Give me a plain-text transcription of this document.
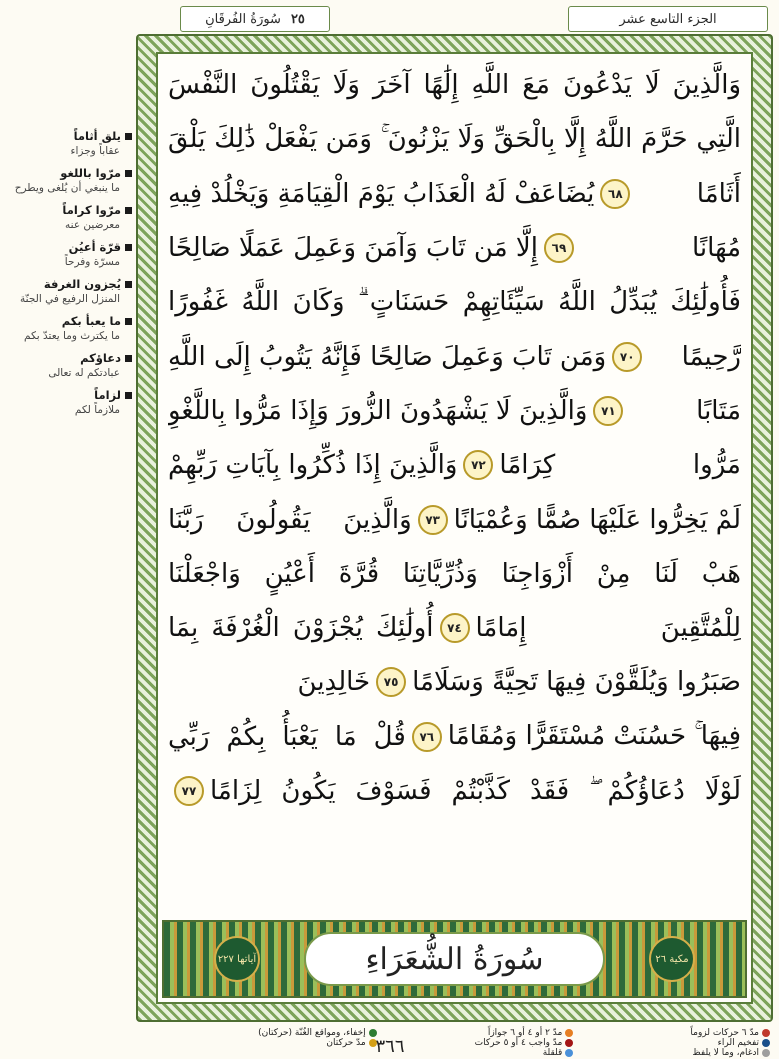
سُورَةُ الفُرقَانِ ٢٥	الجزء التاسع عشر
يلق أثاماً
عقاباً وجزاء
مرّوا باللغو
ما ينبغي أن يُلغى ويطرح
مرّوا كراماً
معرضين عنه
قرّة أعيُن
مسرّة وفرحاً
يُجزون الغرفة
المنزل الرفيع في الجنّة
ما يعبأ بكم
ما يكترث وما يعتدّ بكم
دعاؤكم
عبادتكم له تعالى
لزاماً
ملازماً لكم
وَالَّذِينَ لَا يَدْعُونَ مَعَ اللَّهِ إِلَٰهًا آخَرَ وَلَا يَقْتُلُونَ النَّفْسَ
الَّتِي حَرَّمَ اللَّهُ إِلَّا بِالْحَقِّ وَلَا يَزْنُونَ ۚ وَمَن يَفْعَلْ ذَٰلِكَ يَلْقَ
أَثَامًا
٦٨
يُضَاعَفْ لَهُ الْعَذَابُ يَوْمَ الْقِيَامَةِ وَيَخْلُدْ فِيهِ
مُهَانًا
٦٩
إِلَّا مَن تَابَ وَآمَنَ وَعَمِلَ عَمَلًا صَالِحًا
فَأُولَٰئِكَ يُبَدِّلُ اللَّهُ سَيِّئَاتِهِمْ حَسَنَاتٍ ۗ وَكَانَ اللَّهُ غَفُورًا
رَّحِيمًا
٧٠
وَمَن تَابَ وَعَمِلَ صَالِحًا فَإِنَّهُ يَتُوبُ إِلَى اللَّهِ
مَتَابًا
٧١
وَالَّذِينَ لَا يَشْهَدُونَ الزُّورَ وَإِذَا مَرُّوا بِاللَّغْوِ
مَرُّوا كِرَامًا
٧٢
وَالَّذِينَ إِذَا ذُكِّرُوا بِآيَاتِ رَبِّهِمْ
لَمْ يَخِرُّوا عَلَيْهَا صُمًّا وَعُمْيَانًا
٧٣
وَالَّذِينَ يَقُولُونَ رَبَّنَا
هَبْ لَنَا مِنْ أَزْوَاجِنَا وَذُرِّيَّاتِنَا قُرَّةَ أَعْيُنٍ وَاجْعَلْنَا
لِلْمُتَّقِينَ إِمَامًا
٧٤
أُولَٰئِكَ يُجْزَوْنَ الْغُرْفَةَ بِمَا
صَبَرُوا وَيُلَقَّوْنَ فِيهَا تَحِيَّةً وَسَلَامًا
٧٥
خَالِدِينَ
فِيهَا ۚ حَسُنَتْ مُسْتَقَرًّا وَمُقَامًا
٧٦
قُلْ مَا يَعْبَأُ بِكُمْ رَبِّي
لَوْلَا دُعَاؤُكُمْ ۖ فَقَدْ كَذَّبْتُمْ فَسَوْفَ يَكُونُ لِزَامًا
٧٧
آياتها ٢٢٧	سُورَةُ الشُّعَرَاءِ	مكية ٢٦
مدّ ٦ حركات لزوماً
مدّ ٢ أو ٤ أو ٦ جوازاً
إخفاء، ومواقع الغُنّة (حركتان)
تفخيم الراء
مدّ واجب ٤ أو ٥ حركات
مدّ حركتان
ادغام، وما لا يلفظ
قلقلة
٣٦٦
